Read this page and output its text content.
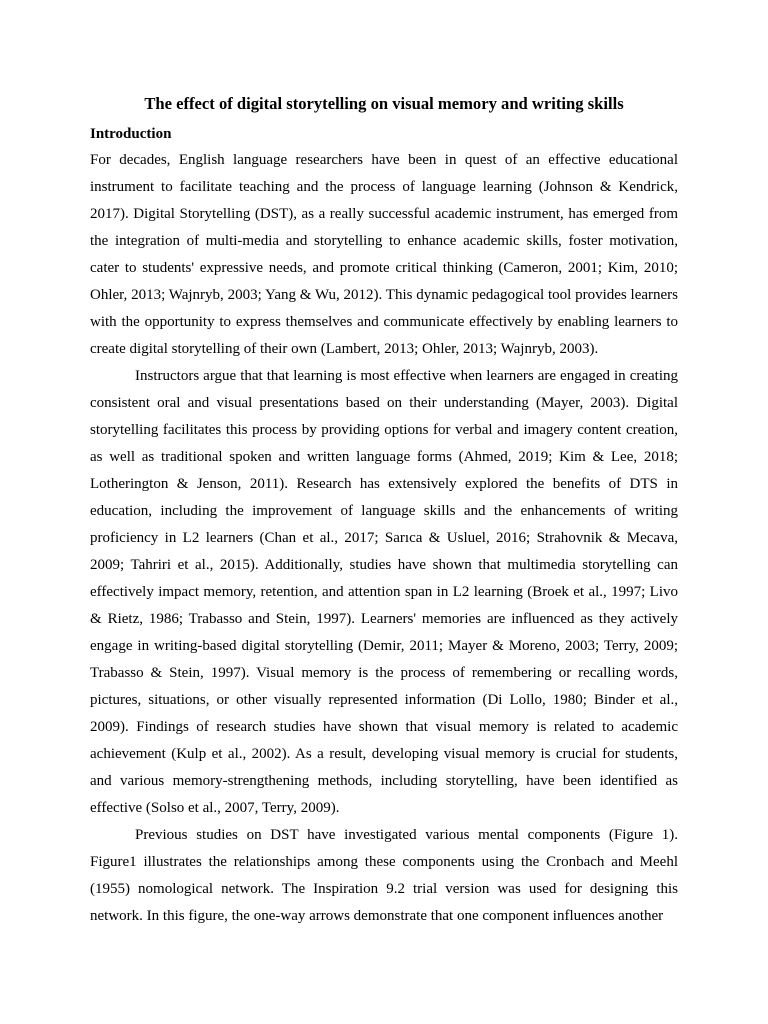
The effect of digital storytelling on visual memory and writing skills
Introduction

For decades, English language researchers have been in quest of an effective educational instrument to facilitate teaching and the process of language learning (Johnson & Kendrick, 2017). Digital Storytelling (DST), as a really successful academic instrument, has emerged from the integration of multi-media and storytelling to enhance academic skills, foster motivation, cater to students' expressive needs, and promote critical thinking (Cameron, 2001; Kim, 2010; Ohler, 2013; Wajnryb, 2003; Yang & Wu, 2012). This dynamic pedagogical tool provides learners with the opportunity to express themselves and communicate effectively by enabling learners to create digital storytelling of their own (Lambert, 2013; Ohler, 2013; Wajnryb, 2003).

Instructors argue that that learning is most effective when learners are engaged in creating consistent oral and visual presentations based on their understanding (Mayer, 2003). Digital storytelling facilitates this process by providing options for verbal and imagery content creation, as well as traditional spoken and written language forms (Ahmed, 2019; Kim & Lee, 2018; Lotherington & Jenson, 2011). Research has extensively explored the benefits of DTS in education, including the improvement of language skills and the enhancements of writing proficiency in L2 learners (Chan et al., 2017; Sarıca & Usluel, 2016; Strahovnik & Mecava, 2009; Tahriri et al., 2015). Additionally, studies have shown that multimedia storytelling can effectively impact memory, retention, and attention span in L2 learning (Broek et al., 1997; Livo & Rietz, 1986; Trabasso and Stein, 1997). Learners' memories are influenced as they actively engage in writing-based digital storytelling (Demir, 2011; Mayer & Moreno, 2003; Terry, 2009; Trabasso & Stein, 1997). Visual memory is the process of remembering or recalling words, pictures, situations, or other visually represented information (Di Lollo, 1980; Binder et al., 2009). Findings of research studies have shown that visual memory is related to academic achievement (Kulp et al., 2002). As a result, developing visual memory is crucial for students, and various memory-strengthening methods, including storytelling, have been identified as effective (Solso et al., 2007, Terry, 2009).

Previous studies on DST have investigated various mental components (Figure 1). Figure1 illustrates the relationships among these components using the Cronbach and Meehl (1955) nomological network. The Inspiration 9.2 trial version was used for designing this network. In this figure, the one-way arrows demonstrate that one component influences another
